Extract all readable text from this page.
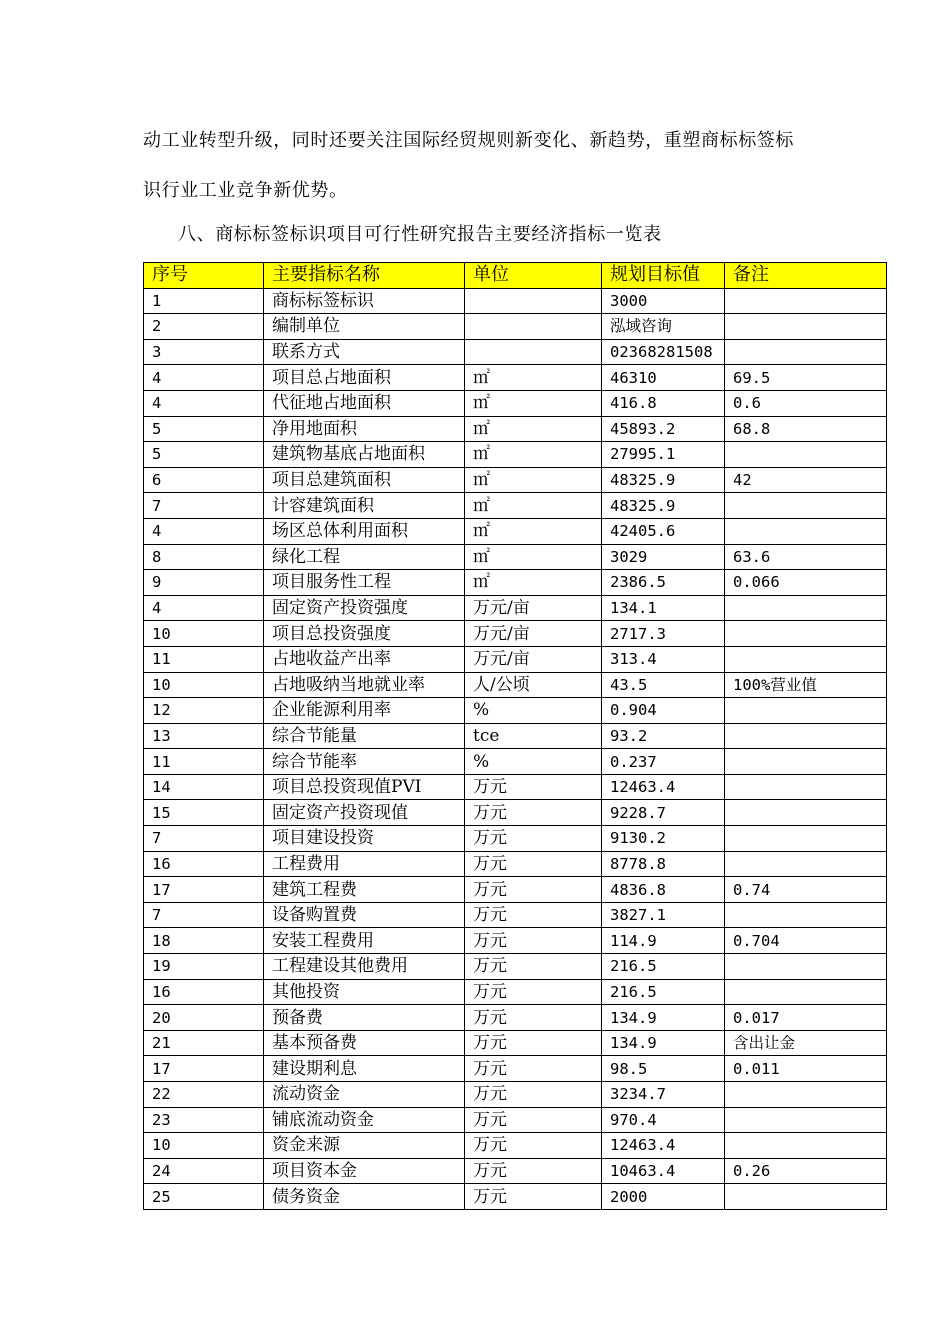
动工业转型升级，同时还要关注国际经贸规则新变化、新趋势，重塑商标标签标
识行业工业竞争新优势。
八、商标标签标识项目可行性研究报告主要经济指标一览表
序号	主要指标名称	单位	规划目标值	备注
1	商标标签标识		3000	
2	编制单位		泓域咨询	
3	联系方式		02368281508	
4	项目总占地面积	㎡	46310	69.5
4	代征地占地面积	㎡	416.8	0.6
5	净用地面积	㎡	45893.2	68.8
5	建筑物基底占地面积	㎡	27995.1	
6	项目总建筑面积	㎡	48325.9	42
7	计容建筑面积	㎡	48325.9	
4	场区总体利用面积	㎡	42405.6	
8	绿化工程	㎡	3029	63.6
9	项目服务性工程	㎡	2386.5	0.066
4	固定资产投资强度	万元/亩	134.1	
10	项目总投资强度	万元/亩	2717.3	
11	占地收益产出率	万元/亩	313.4	
10	占地吸纳当地就业率	人/公顷	43.5	100%营业值
12	企业能源利用率	%	0.904	
13	综合节能量	tce	93.2	
11	综合节能率	%	0.237	
14	项目总投资现值PVI	万元	12463.4	
15	固定资产投资现值	万元	9228.7	
7	项目建设投资	万元	9130.2	
16	工程费用	万元	8778.8	
17	建筑工程费	万元	4836.8	0.74
7	设备购置费	万元	3827.1	
18	安装工程费用	万元	114.9	0.704
19	工程建设其他费用	万元	216.5	
16	其他投资	万元	216.5	
20	预备费	万元	134.9	0.017
21	基本预备费	万元	134.9	含出让金
17	建设期利息	万元	98.5	0.011
22	流动资金	万元	3234.7	
23	铺底流动资金	万元	970.4	
10	资金来源	万元	12463.4	
24	项目资本金	万元	10463.4	0.26
25	债务资金	万元	2000	
